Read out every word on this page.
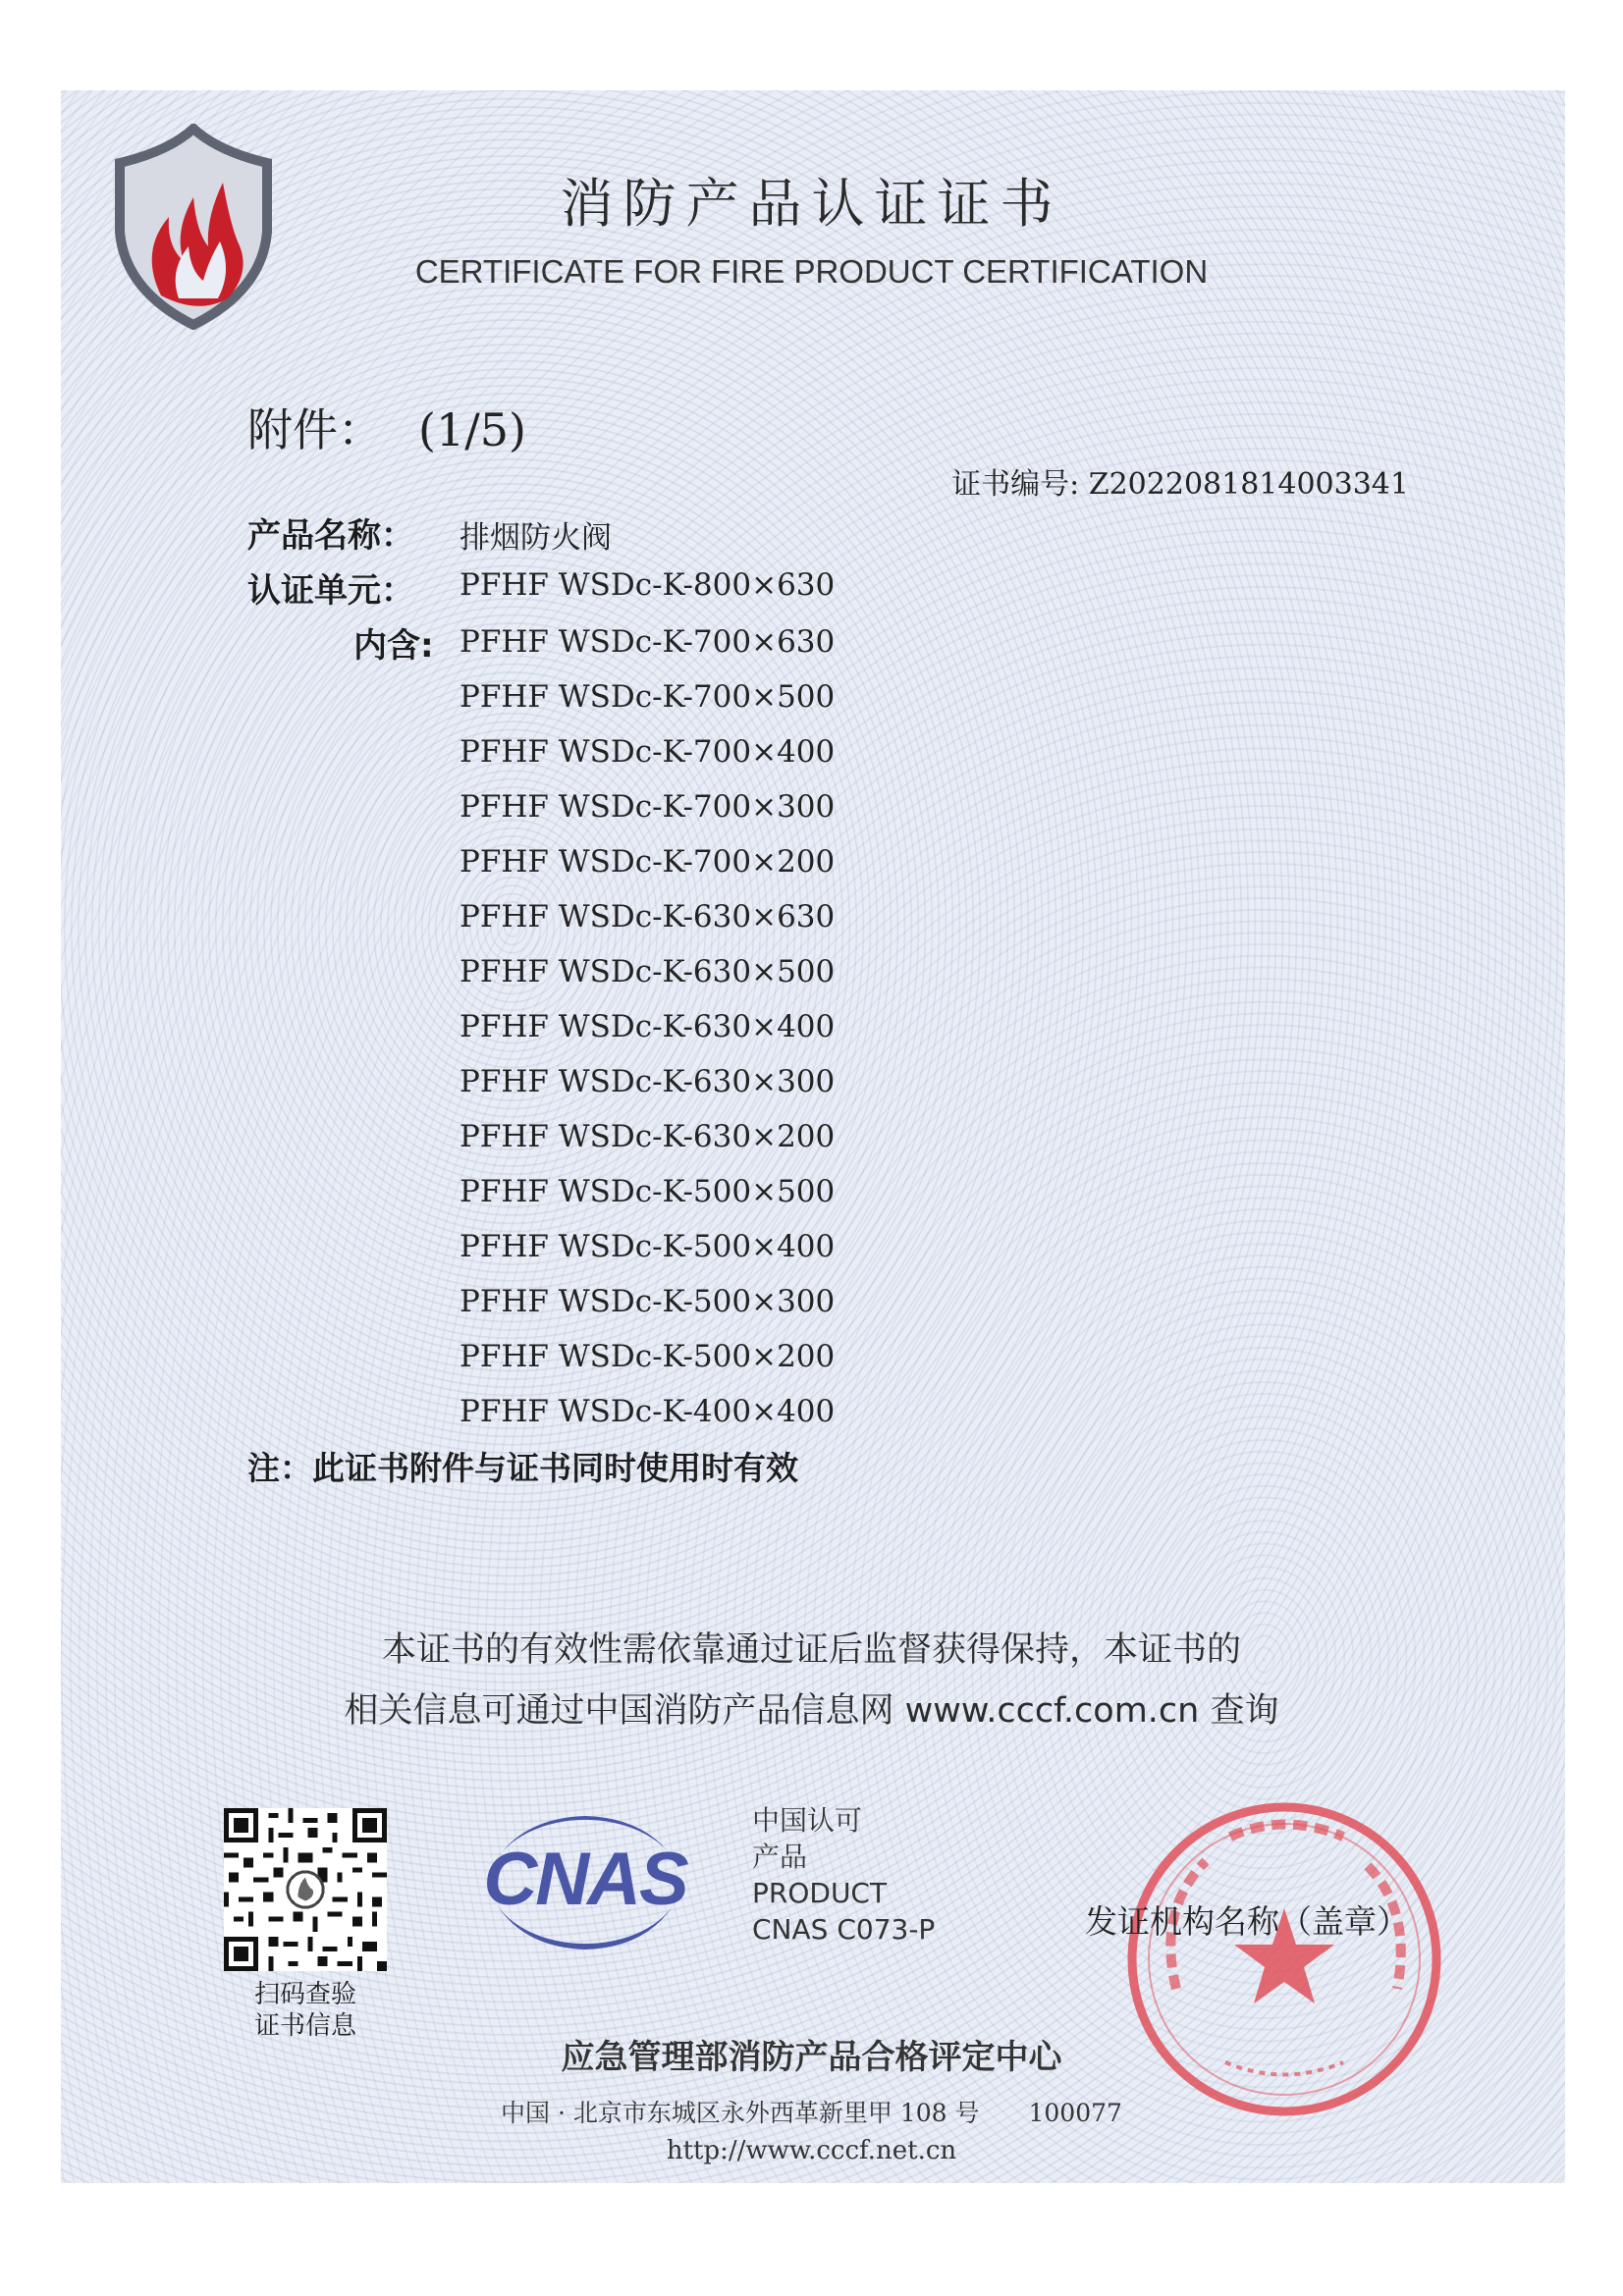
消防产品认证证书
CERTIFICATE FOR FIRE PRODUCT CERTIFICATION
附件： (1/5)
证书编号: Z2022081814003341
产品名称： 排烟防火阀
认证单元： PFHF WSDc-K-800×630
内含: PFHF WSDc-K-700×630
PFHF WSDc-K-700×500
PFHF WSDc-K-700×400
PFHF WSDc-K-700×300
PFHF WSDc-K-700×200
PFHF WSDc-K-630×630
PFHF WSDc-K-630×500
PFHF WSDc-K-630×400
PFHF WSDc-K-630×300
PFHF WSDc-K-630×200
PFHF WSDc-K-500×500
PFHF WSDc-K-500×400
PFHF WSDc-K-500×300
PFHF WSDc-K-500×200
PFHF WSDc-K-400×400
注：此证书附件与证书同时使用时有效
本证书的有效性需依靠通过证后监督获得保持，本证书的
相关信息可通过中国消防产品信息网 www.cccf.com.cn 查询
扫码查验
证书信息
CNAS
中国认可
产品
PRODUCT
CNAS C073-P	发证机构名称（盖章）
应急管理部消防产品合格评定中心
中国 · 北京市东城区永外西革新里甲 108 号　　100077
http://www.cccf.net.cn
